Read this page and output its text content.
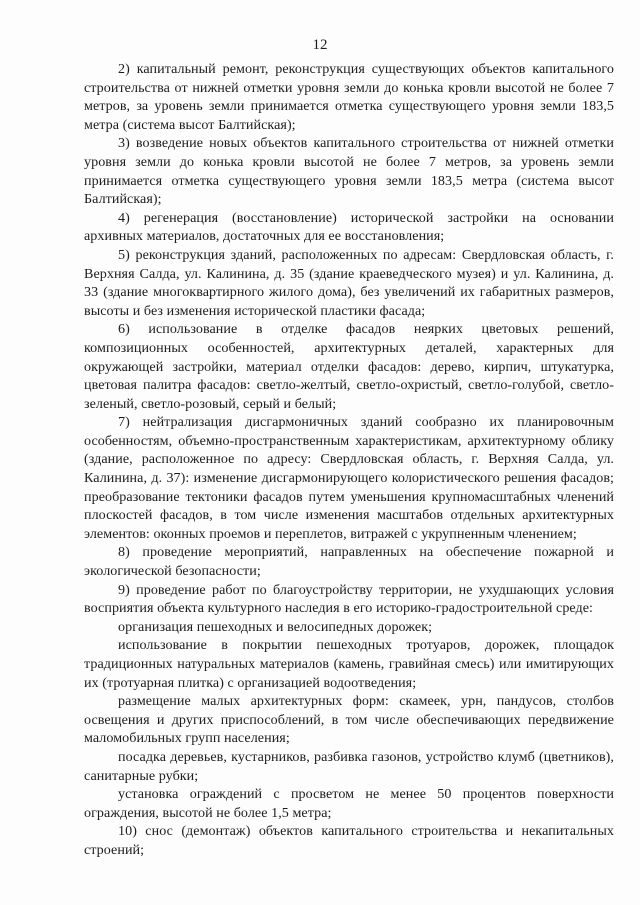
12

2) капитальный ремонт, реконструкция существующих объектов капитального строительства от нижней отметки уровня земли до конька кровли высотой не более 7 метров, за уровень земли принимается отметка существующего уровня земли 183,5 метра (система высот Балтийская);

3) возведение новых объектов капитального строительства от нижней отметки уровня земли до конька кровли высотой не более 7 метров, за уровень земли принимается отметка существующего уровня земли 183,5 метра (система высот Балтийская);

4) регенерация (восстановление) исторической застройки на основании архивных материалов, достаточных для ее восстановления;

5) реконструкция зданий, расположенных по адресам: Свердловская область, г. Верхняя Салда, ул. Калинина, д. 35 (здание краеведческого музея) и ул. Калинина, д. 33 (здание многоквартирного жилого дома), без увеличений их габаритных размеров, высоты и без изменения исторической пластики фасада;

6) использование в отделке фасадов неярких цветовых решений, композиционных особенностей, архитектурных деталей, характерных для окружающей застройки, материал отделки фасадов: дерево, кирпич, штукатурка, цветовая палитра фасадов: светло-желтый, светло-охристый, светло-голубой, светло-зеленый, светло-розовый, серый и белый;

7) нейтрализация дисгармоничных зданий сообразно их планировочным особенностям, объемно-пространственным характеристикам, архитектурному облику (здание, расположенное по адресу: Свердловская область, г. Верхняя Салда, ул. Калинина, д. 37): изменение дисгармонирующего колористического решения фасадов; преобразование тектоники фасадов путем уменьшения крупномасштабных членений плоскостей фасадов, в том числе изменения масштабов отдельных архитектурных элементов: оконных проемов и переплетов, витражей с укрупненным членением;

8) проведение мероприятий, направленных на обеспечение пожарной и экологической безопасности;

9) проведение работ по благоустройству территории, не ухудшающих условия восприятия объекта культурного наследия в его историко-градостроительной среде:

организация пешеходных и велосипедных дорожек;

использование в покрытии пешеходных тротуаров, дорожек, площадок традиционных натуральных материалов (камень, гравийная смесь) или имитирующих их (тротуарная плитка) с организацией водоотведения;

размещение малых архитектурных форм: скамеек, урн, пандусов, столбов освещения и других приспособлений, в том числе обеспечивающих передвижение маломобильных групп населения;

посадка деревьев, кустарников, разбивка газонов, устройство клумб (цветников), санитарные рубки;

установка ограждений с просветом не менее 50 процентов поверхности ограждения, высотой не более 1,5 метра;

10) снос (демонтаж) объектов капитального строительства и некапитальных строений;
